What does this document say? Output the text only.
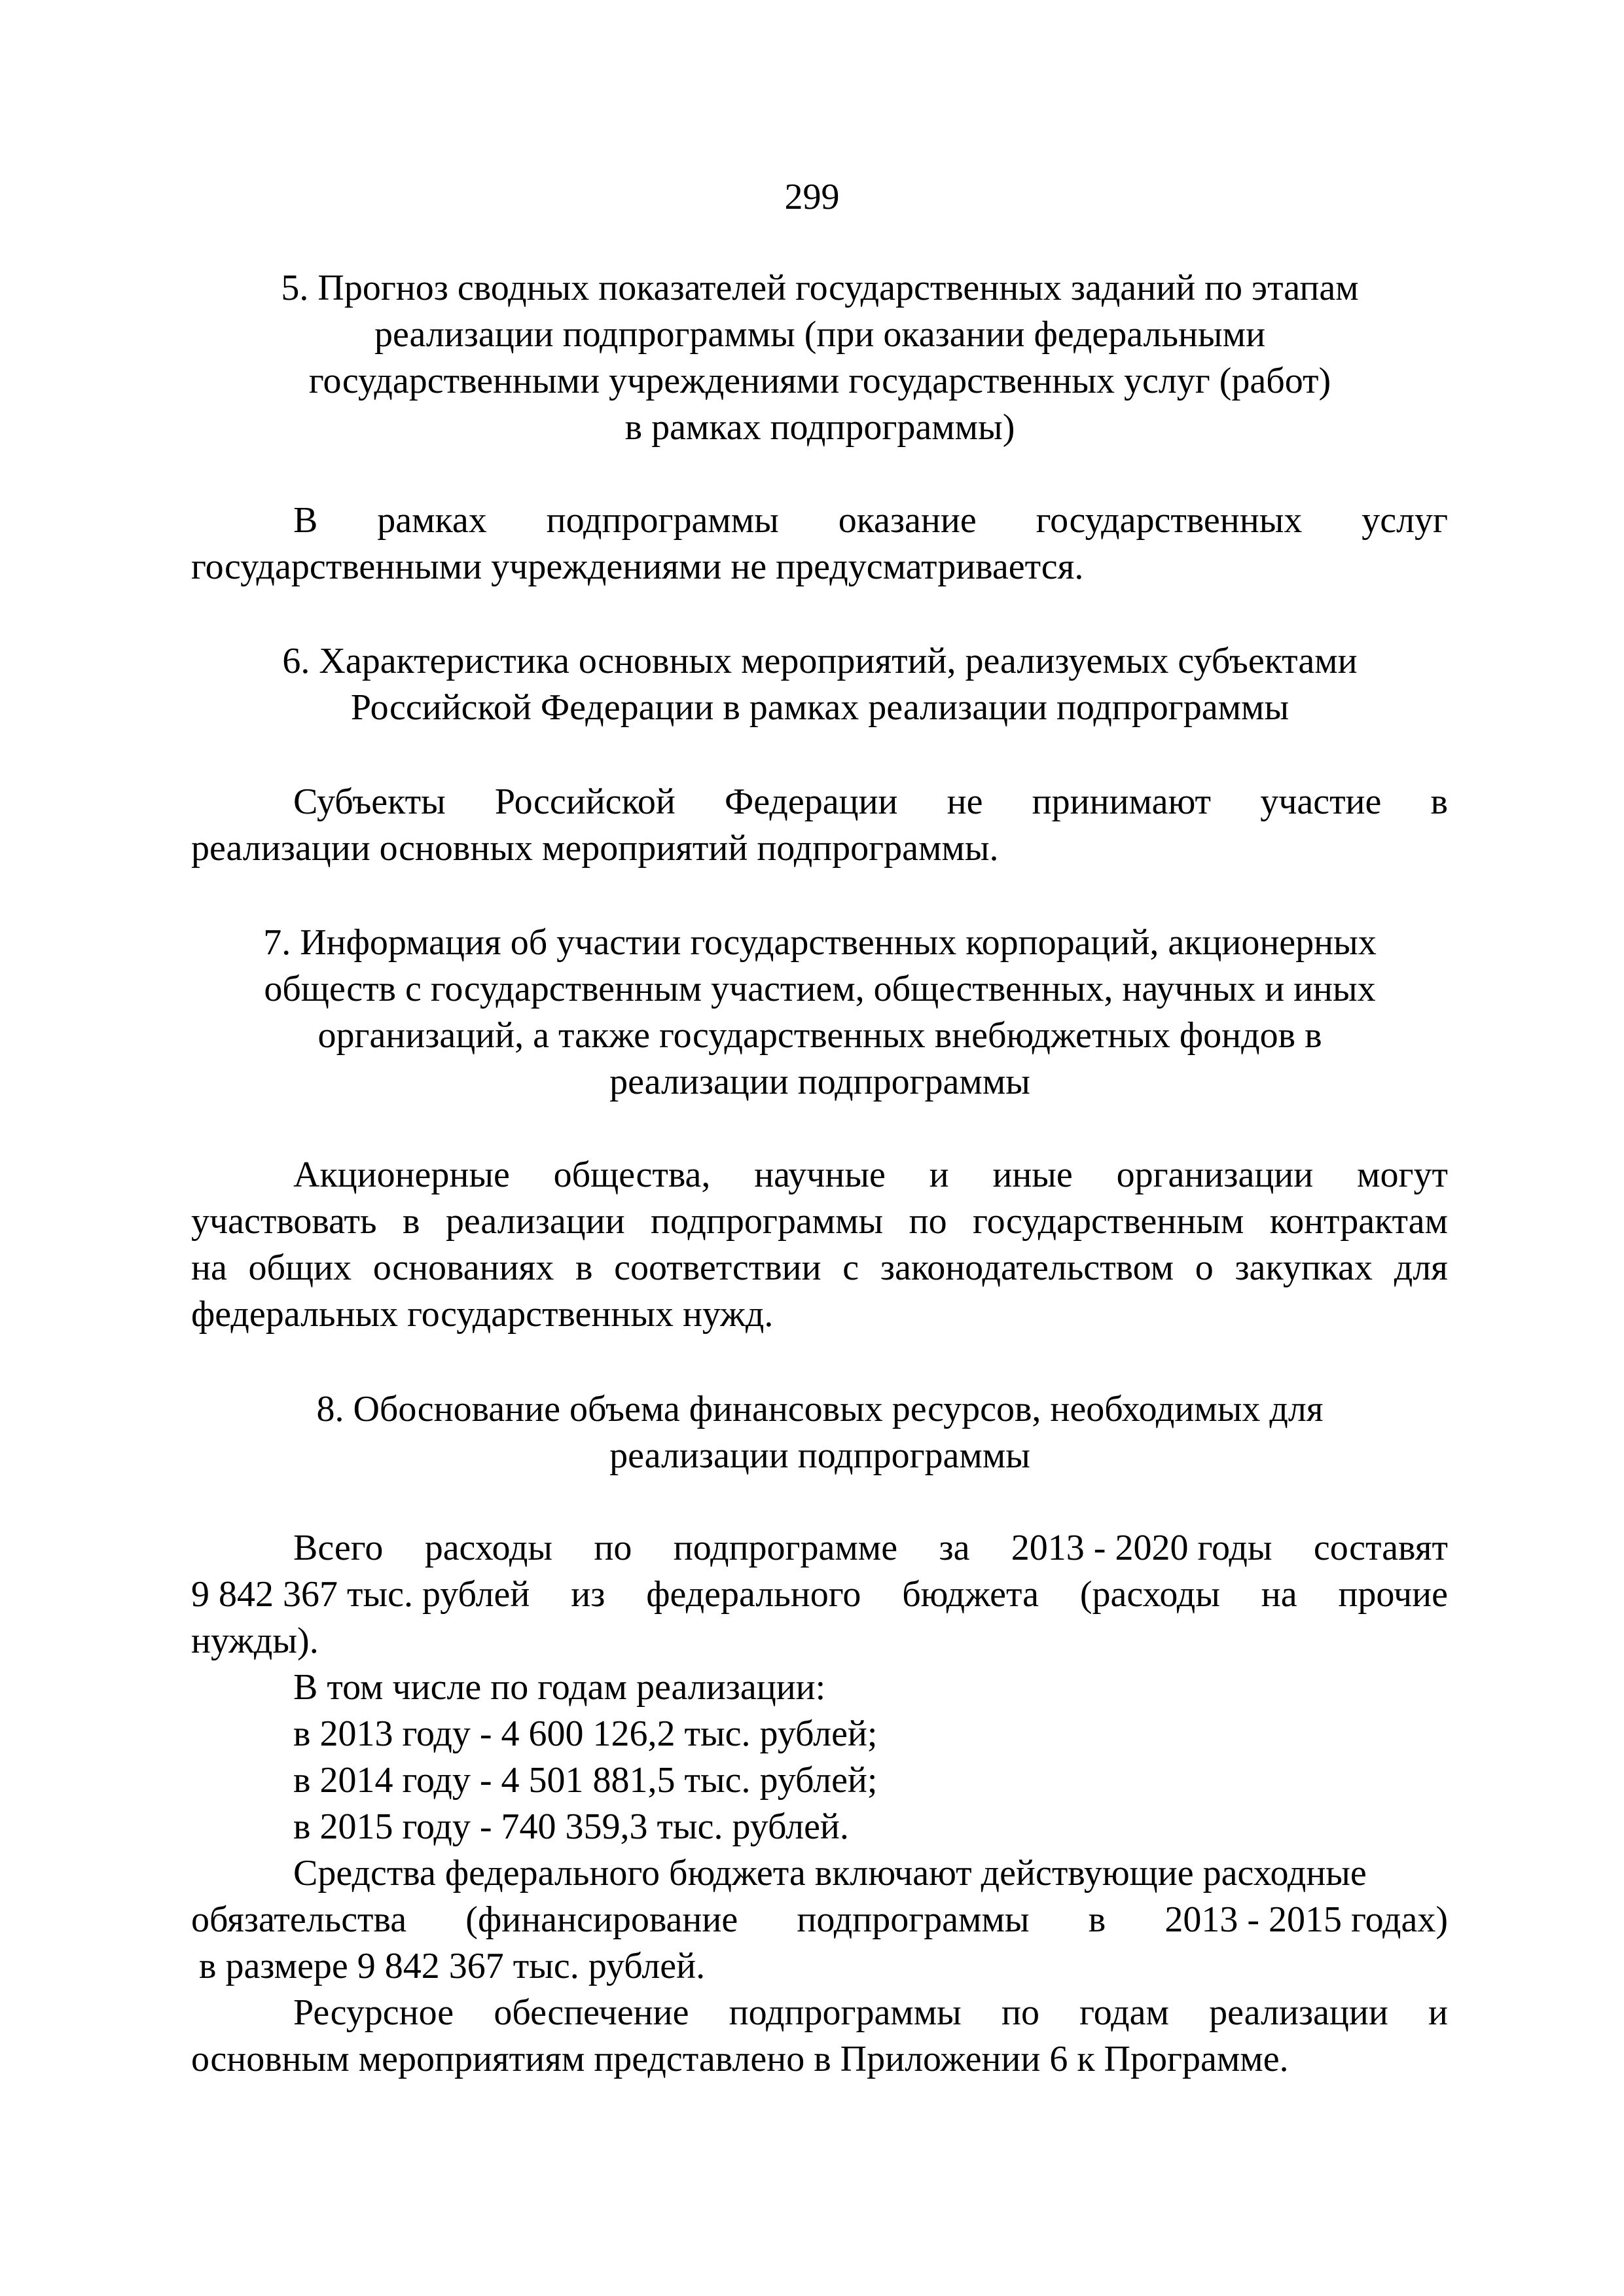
299
5. Прогноз сводных показателей государственных заданий по этапам
реализации подпрограммы (при оказании федеральными
государственными учреждениями государственных услуг (работ)
в рамках подпрограммы)
В рамках подпрограммы оказание государственных услуг
государственными учреждениями не предусматривается.
6. Характеристика основных мероприятий, реализуемых субъектами
Российской Федерации в рамках реализации подпрограммы
Субъекты Российской Федерации не принимают участие в
реализации основных мероприятий подпрограммы.
7. Информация об участии государственных корпораций, акционерных
обществ с государственным участием, общественных, научных и иных
организаций, а также государственных внебюджетных фондов в
реализации подпрограммы
Акционерные общества, научные и иные организации могут
участвовать в реализации подпрограммы по государственным контрактам
на общих основаниях в соответствии с законодательством о закупках для
федеральных государственных нужд.
8. Обоснование объема финансовых ресурсов, необходимых для
реализации подпрограммы
Всего расходы по подпрограмме за 2013 - 2020 годы составят
9 842 367 тыс. рублей из федерального бюджета (расходы на прочие
нужды).
В том числе по годам реализации:
в 2013 году - 4 600 126,2 тыс. рублей;
в 2014 году - 4 501 881,5 тыс. рублей;
в 2015 году - 740 359,3 тыс. рублей.
Средства федерального бюджета включают действующие расходные
обязательства (финансирование подпрограммы в 2013 - 2015 годах)
в размере 9 842 367 тыс. рублей.
Ресурсное обеспечение подпрограммы по годам реализации и
основным мероприятиям представлено в Приложении 6 к Программе.
